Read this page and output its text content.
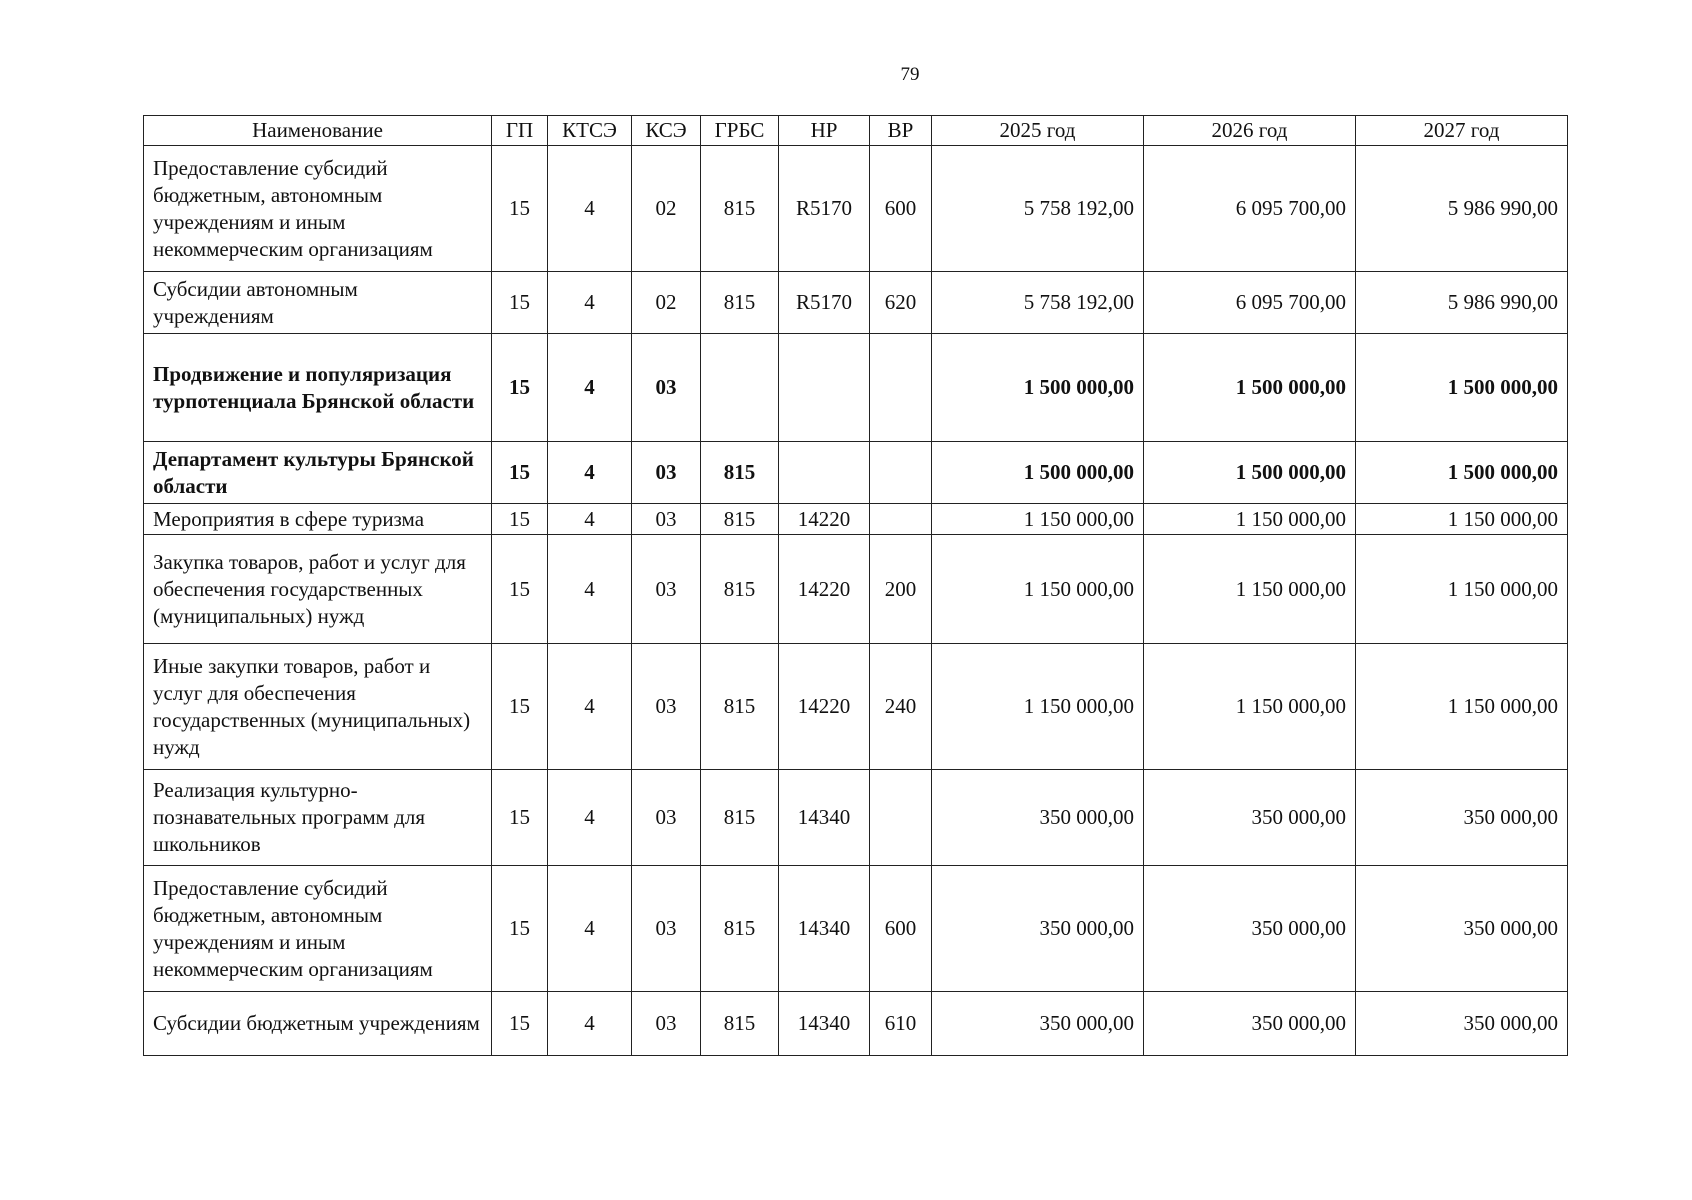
79
Наименование	ГП	КТСЭ	КСЭ	ГРБС	НР	ВР	2025 год	2026 год	2027 год
Предоставление субсидий бюджетным, автономным учреждениям и иным некоммерческим организациям	15	4	02	815	R5170	600	5 758 192,00	6 095 700,00	5 986 990,00
Субсидии автономным учреждениям	15	4	02	815	R5170	620	5 758 192,00	6 095 700,00	5 986 990,00
Продвижение и популяризация турпотенциала Брянской области	15	4	03				1 500 000,00	1 500 000,00	1 500 000,00
Департамент культуры Брянской области	15	4	03	815			1 500 000,00	1 500 000,00	1 500 000,00
Мероприятия в сфере туризма	15	4	03	815	14220		1 150 000,00	1 150 000,00	1 150 000,00
Закупка товаров, работ и услуг для обеспечения государственных (муниципальных) нужд	15	4	03	815	14220	200	1 150 000,00	1 150 000,00	1 150 000,00
Иные закупки товаров, работ и услуг для обеспечения государственных (муниципальных) нужд	15	4	03	815	14220	240	1 150 000,00	1 150 000,00	1 150 000,00
Реализация культурно-познавательных программ для школьников	15	4	03	815	14340		350 000,00	350 000,00	350 000,00
Предоставление субсидий бюджетным, автономным учреждениям и иным некоммерческим организациям	15	4	03	815	14340	600	350 000,00	350 000,00	350 000,00
Субсидии бюджетным учреждениям	15	4	03	815	14340	610	350 000,00	350 000,00	350 000,00
